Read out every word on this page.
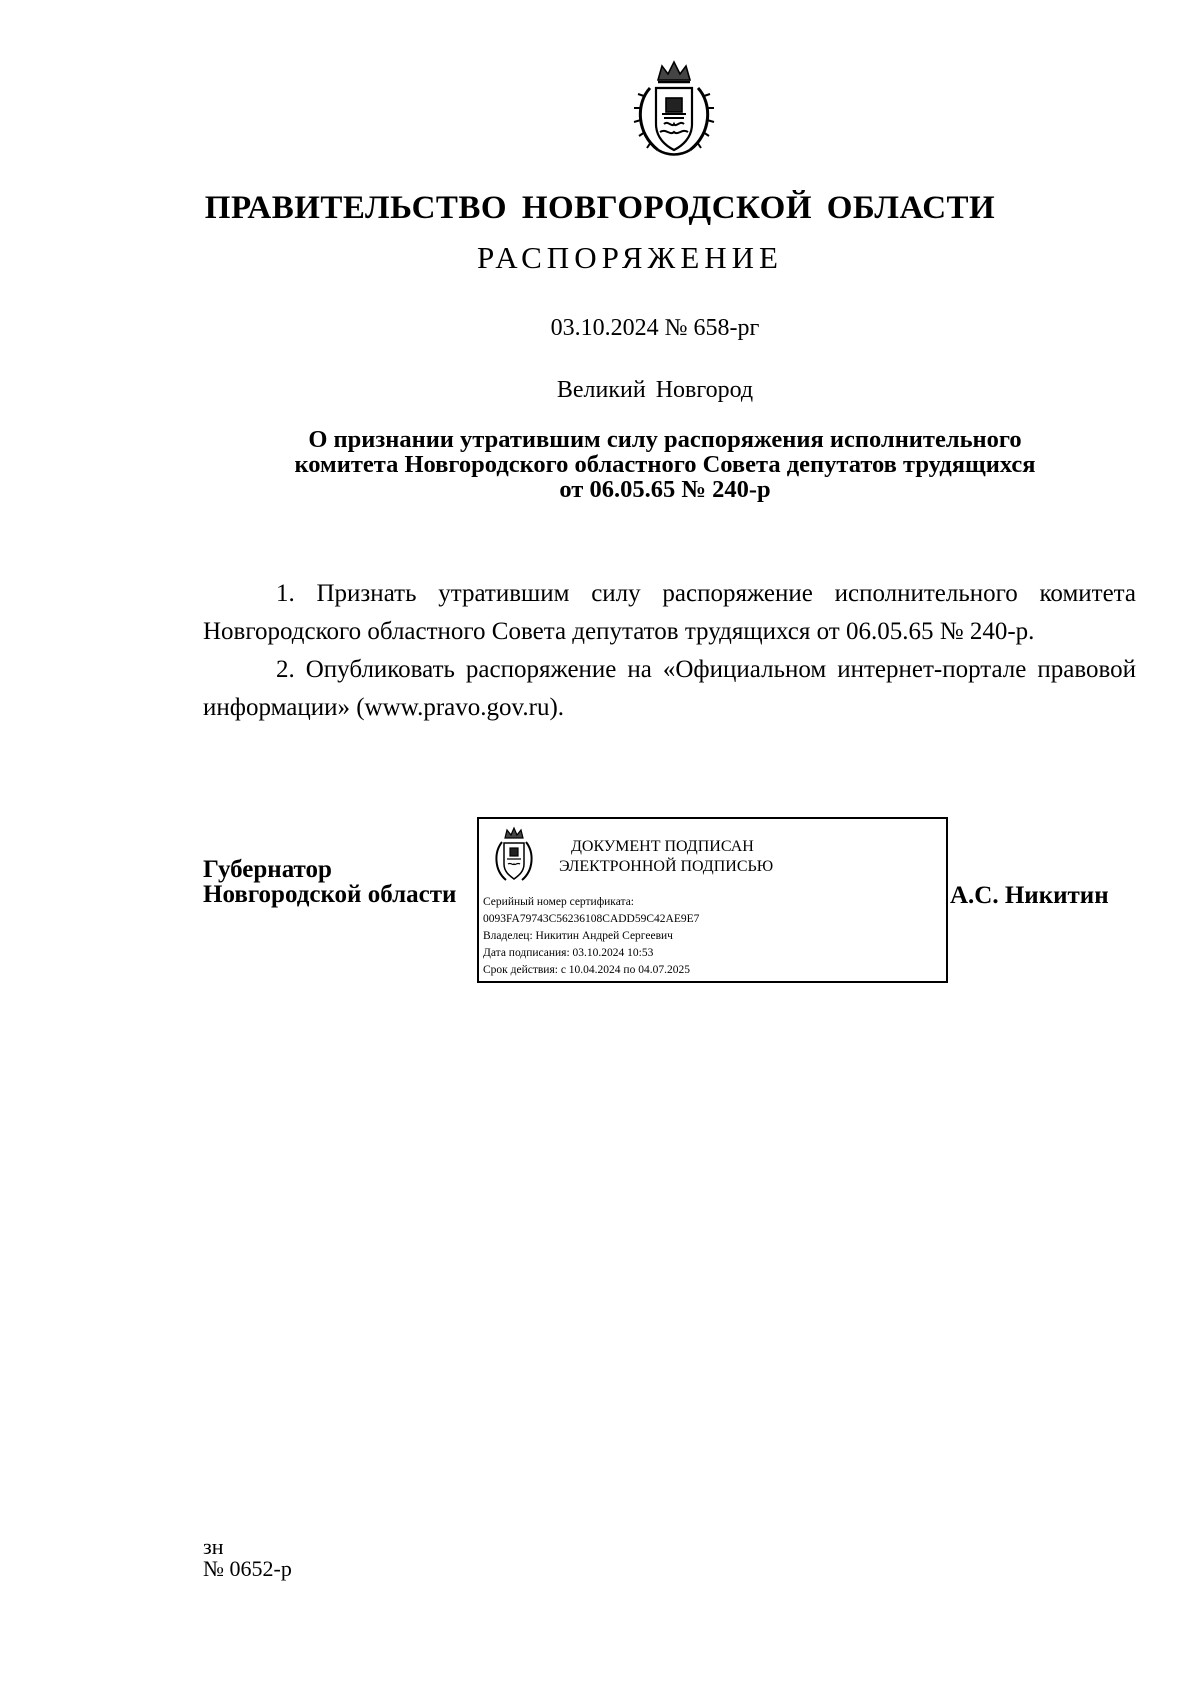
ПРАВИТЕЛЬСТВО НОВГОРОДСКОЙ ОБЛАСТИ
РАСПОРЯЖЕНИЕ
03.10.2024 № 658-рг
Великий Новгород
О признании утратившим силу распоряжения исполнительного
комитета Новгородского областного Совета депутатов трудящихся
от 06.05.65 № 240-р
1. Признать утратившим силу распоряжение исполнительного комитета Новгородского областного Совета депутатов трудящихся от 06.05.65 № 240-р.
2. Опубликовать распоряжение на «Официальном интернет-портале правовой информации» (www.pravo.gov.ru).
Губернатор
Новгородской области
ДОКУМЕНТ ПОДПИСАН
ЭЛЕКТРОННОЙ ПОДПИСЬЮ
Серийный номер сертификата:
0093FA79743C56236108CADD59C42AE9E7
Владелец: Никитин Андрей Сергеевич
Дата подписания: 03.10.2024 10:53
Срок действия: с 10.04.2024 по 04.07.2025
А.С. Никитин
зн
№ 0652-р
